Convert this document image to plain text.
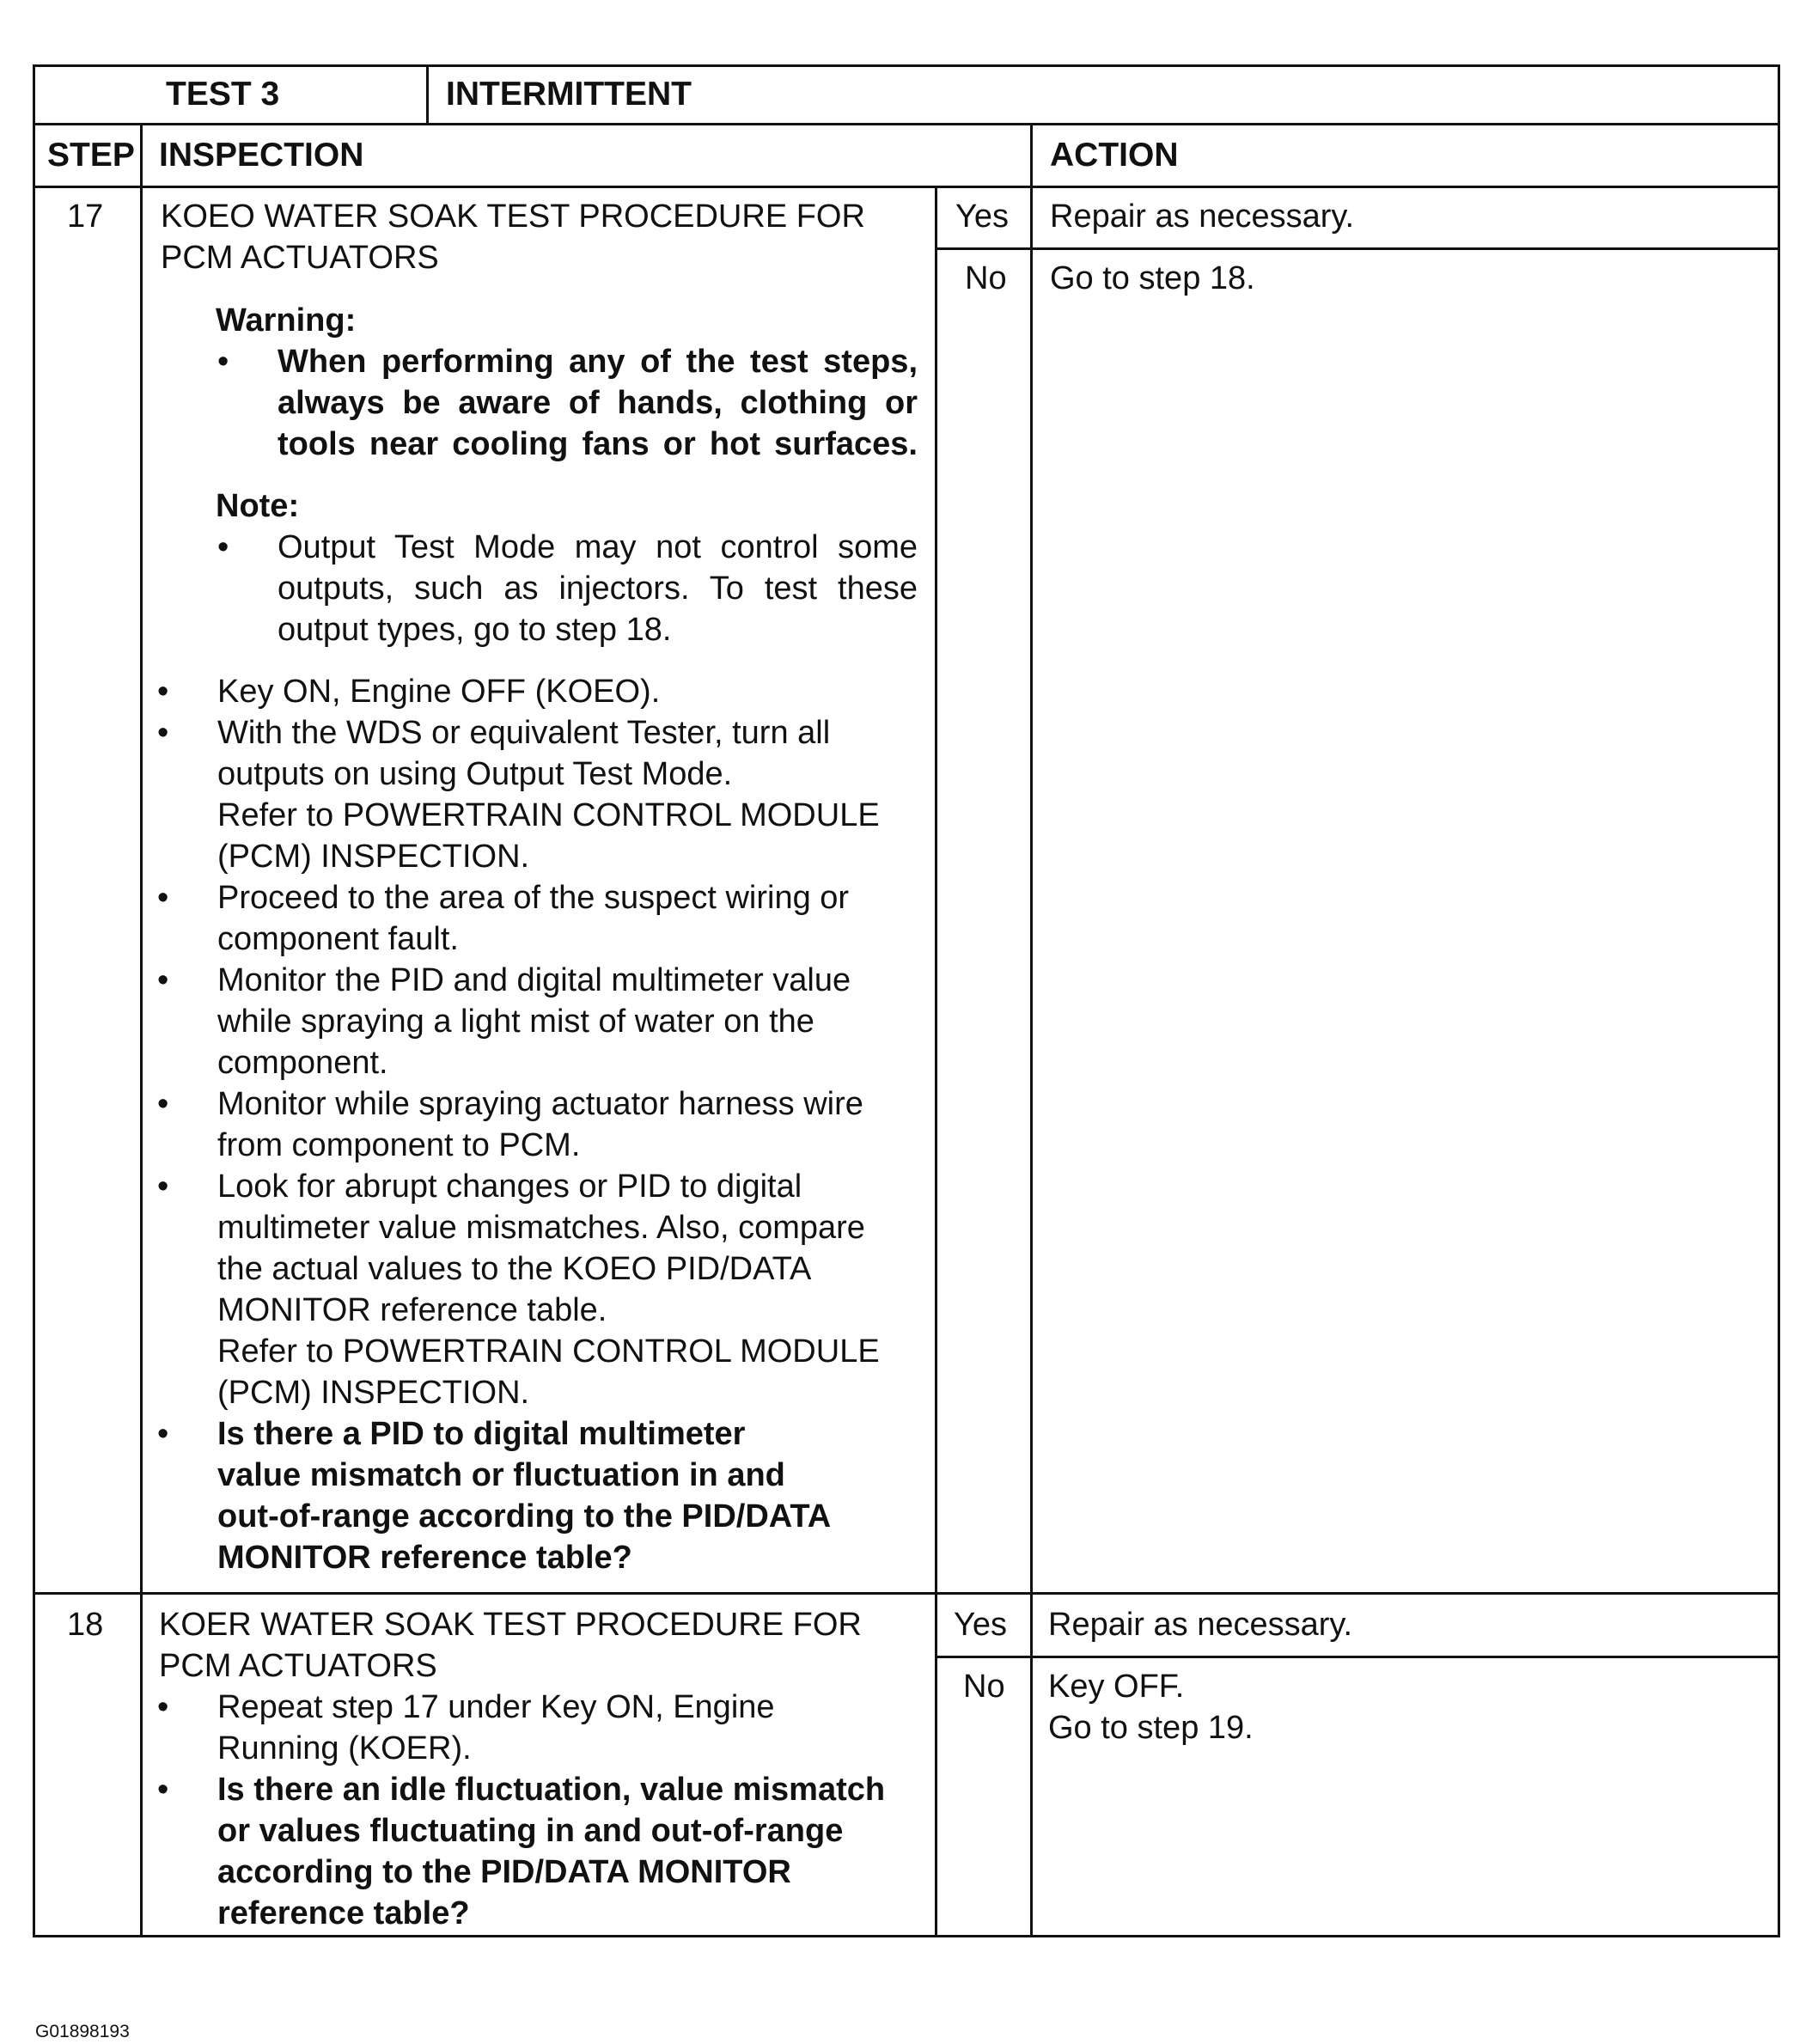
TEST 3	INTERMITTENT
STEP INSPECTION	ACTION
17 KOEO WATER SOAK TEST PROCEDURE FOR
PCM ACTUATORS
Warning:
• When performing any of the test steps,
always be aware of hands, clothing or
tools near cooling fans or hot surfaces.
Note:
• Output Test Mode may not control some
outputs, such as injectors. To test these
output types, go to step 18.
• Key ON, Engine OFF (KOEO).
• With the WDS or equivalent Tester, turn all
outputs on using Output Test Mode.
Refer to POWERTRAIN CONTROL MODULE
(PCM) INSPECTION.
• Proceed to the area of the suspect wiring or
component fault.
• Monitor the PID and digital multimeter value
while spraying a light mist of water on the
component.
• Monitor while spraying actuator harness wire
from component to PCM.
• Look for abrupt changes or PID to digital
multimeter value mismatches. Also, compare
the actual values to the KOEO PID/DATA
MONITOR reference table.
Refer to POWERTRAIN CONTROL MODULE
(PCM) INSPECTION.
• Is there a PID to digital multimeter
value mismatch or fluctuation in and
out-of-range according to the PID/DATA
MONITOR reference table?
Yes Repair as necessary.
No Go to step 18.
18 KOER WATER SOAK TEST PROCEDURE FOR
PCM ACTUATORS
• Repeat step 17 under Key ON, Engine
Running (KOER).
• Is there an idle fluctuation, value mismatch
or values fluctuating in and out-of-range
according to the PID/DATA MONITOR
reference table?
Yes Repair as necessary.
No Key OFF.
Go to step 19.
G01898193
